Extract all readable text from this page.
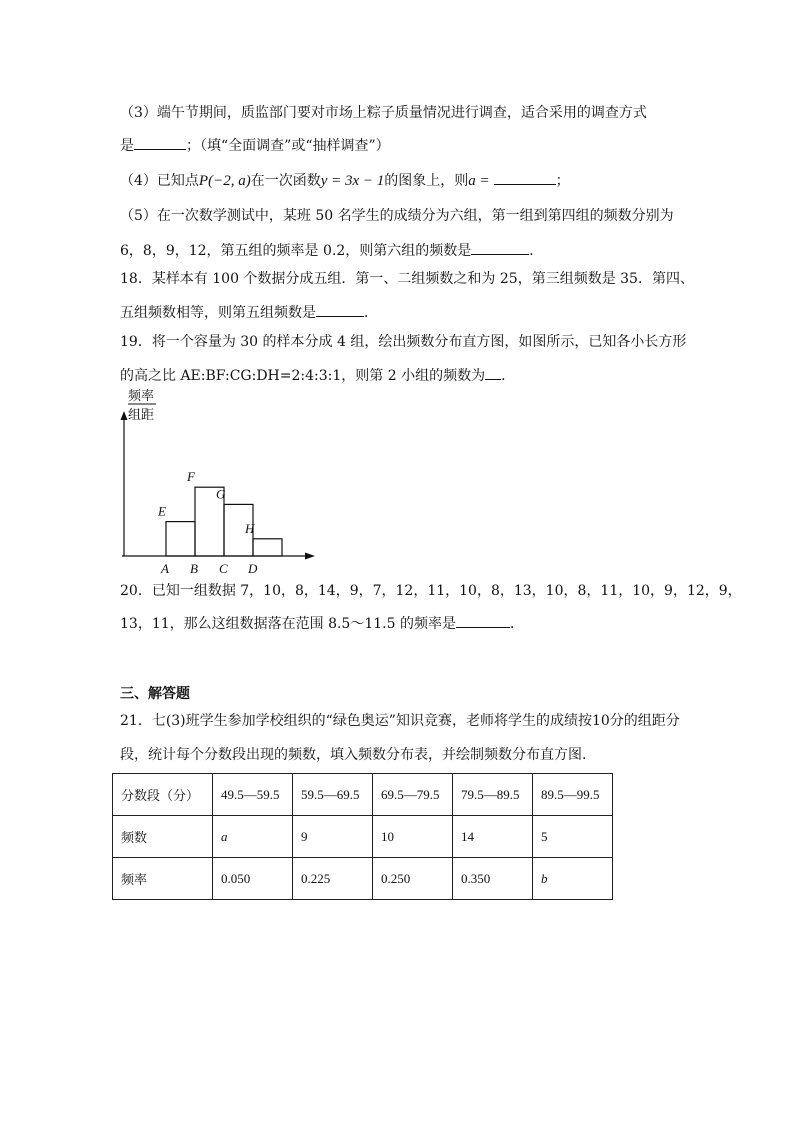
（3）端午节期间，质监部门要对市场上粽子质量情况进行调查，适合采用的调查方式
是	；（填“全面调查”或“抽样调查”）
（4）已知点P(−2, a)在一次函数y = 3x − 1的图象上，则a =	；
（5）在一次数学测试中，某班 50 名学生的成绩分为六组，第一组到第四组的频数分别为
6，8，9，12，第五组的频率是 0.2，则第六组的频数是	．
18．某样本有 100 个数据分成五组．第一、二组频数之和为 25，第三组频数是 35．第四、
五组频数相等，则第五组频数是	．
19．将一个容量为 30 的样本分成 4 组，绘出频数分布直方图，如图所示，已知各小长方形
的高之比 AE:BF:CG:DH=2:4:3:1，则第 2 小组的频数为 .
频率
组距
E
A
F
B
G
C
H
D
20．已知一组数据 7，10，8，14，9，7，12，11，10，8，13，10，8，11，10，9，12，9，
13，11，那么这组数据落在范围 8.5～11.5 的频率是	．
三、解答题
21．七(3)班学生参加学校组织的“绿色奥运”知识竞赛，老师将学生的成绩按10分的组距分
段，统计每个分数段出现的频数，填入频数分布表，并绘制频数分布直方图.
分数段（分）	49.5—59.5	59.5—69.5	69.5—79.5	79.5—89.5	89.5—99.5
频数	a	9	10	14	5
频率	0.050	0.225	0.250	0.350	b
